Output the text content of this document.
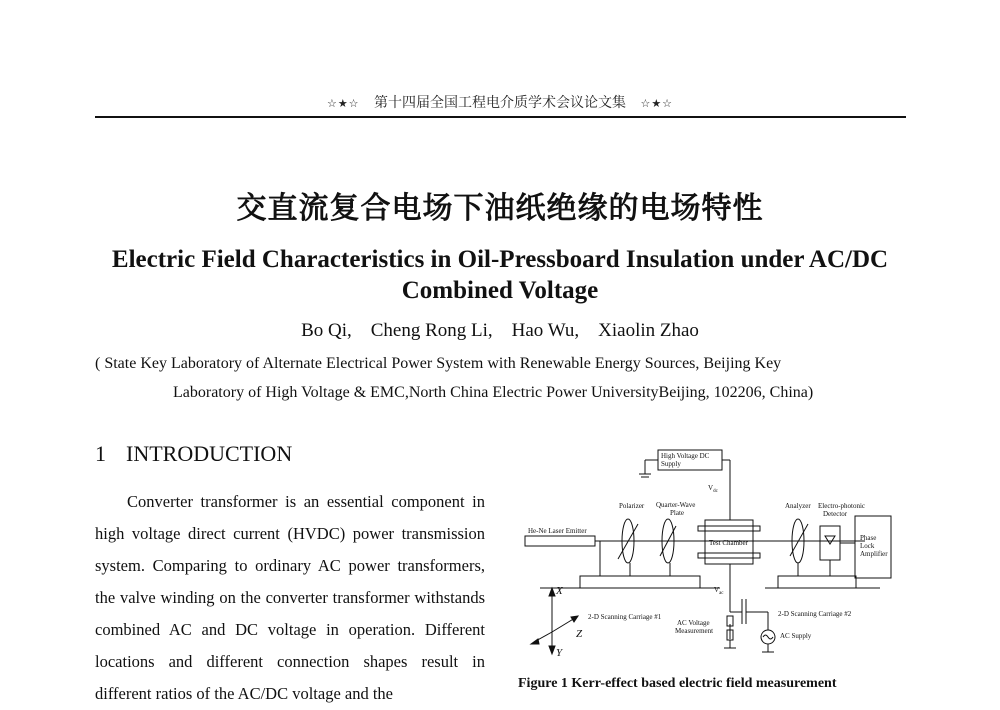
☆★☆ 第十四届全国工程电介质学术会议论文集 ☆★☆
交直流复合电场下油纸绝缘的电场特性
Electric Field Characteristics in Oil-Pressboard Insulation under AC/DC Combined Voltage
Bo Qi,    Cheng Rong Li,    Hao Wu,    Xiaolin Zhao
( State Key Laboratory of Alternate Electrical Power System with Renewable Energy Sources, Beijing Key
Laboratory of High Voltage & EMC,North China Electric Power UniversityBeijing, 102206, China)
1 INTRODUCTION
Converter transformer is an essential component in high voltage direct current (HVDC) power transmission system. Comparing to ordinary AC power transformers, the valve winding on the converter transformer withstands combined AC and DC voltage in operation. Different locations and different connection shapes result in different ratios of the AC/DC voltage and the
High Voltage DC
Supply
$V_{dc}$
Polarizer Quarter-Wave
Plate
Analyzer Electro-photonic
Detector
He-Ne Laser Emitter
Test Chamber
Phase
Lock
Amplifier
$V_{ac}$
2-D Scanning Carriage #1	2-D Scanning Carriage #2
AC Voltage
Measurement
AC Supply
X
Z
Y
Figure 1 Kerr-effect based electric field measurement
